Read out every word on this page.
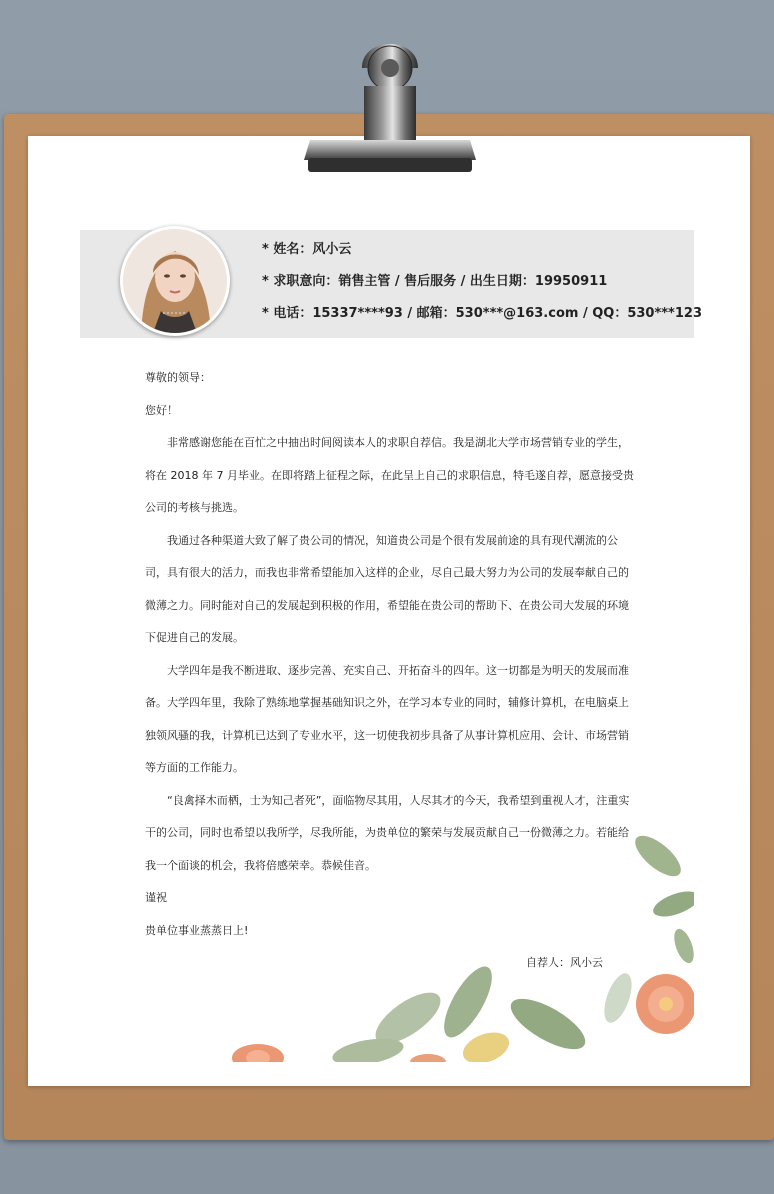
* 姓名：风小云
* 求职意向：销售主管 / 售后服务 / 出生日期：19950911
* 电话：15337****93 / 邮箱：530***@163.com / QQ：530***123

尊敬的领导：

您好！

非常感谢您能在百忙之中抽出时间阅读本人的求职自荐信。我是湖北大学市场营销专业的学生，将在 2018 年 7 月毕业。在即将踏上征程之际，在此呈上自己的求职信息，特毛遂自荐，愿意接受贵公司的考核与挑选。

我通过各种渠道大致了解了贵公司的情况，知道贵公司是个很有发展前途的具有现代潮流的公司，具有很大的活力，而我也非常希望能加入这样的企业，尽自己最大努力为公司的发展奉献自己的微薄之力。同时能对自己的发展起到积极的作用，希望能在贵公司的帮助下、在贵公司大发展的环境下促进自己的发展。

大学四年是我不断进取、逐步完善、充实自己、开拓奋斗的四年。这一切都是为明天的发展而准备。大学四年里，我除了熟练地掌握基础知识之外，在学习本专业的同时，辅修计算机，在电脑桌上独领风骚的我，计算机已达到了专业水平，这一切使我初步具备了从事计算机应用、会计、市场营销等方面的工作能力。

“良禽择木而栖，士为知己者死”，面临物尽其用，人尽其才的今天，我希望到重视人才，注重实干的公司，同时也希望以我所学，尽我所能，为贵单位的繁荣与发展贡献自己一份微薄之力。若能给我一个面谈的机会，我将倍感荣幸。恭候佳音。

谨祝

贵单位事业蒸蒸日上!

自荐人：风小云
